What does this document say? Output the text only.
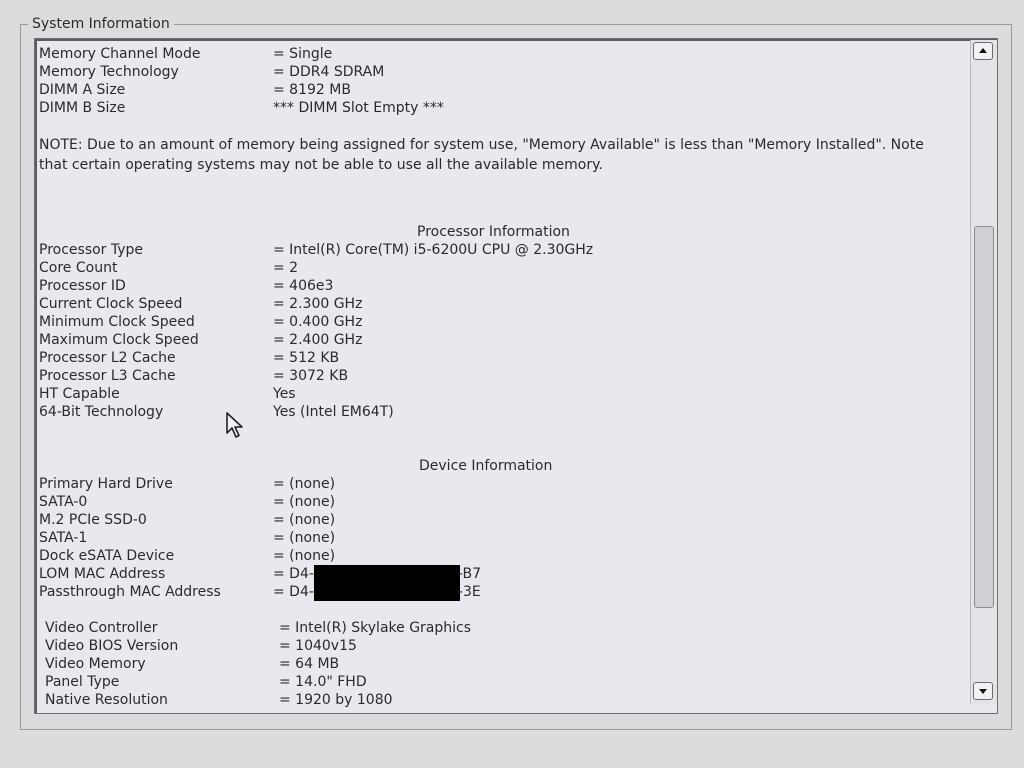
System Information
Memory Channel Mode	= Single
Memory Technology	= DDR4 SDRAM
DIMM A Size	= 8192 MB
DIMM B Size	*** DIMM Slot Empty ***
NOTE: Due to an amount of memory being assigned for system use, "Memory Available" is less than "Memory Installed". Note that certain operating systems may not be able to use all the available memory.
Processor Information
Processor Type	= Intel(R) Core(TM) i5-6200U CPU @ 2.30GHz
Core Count	= 2
Processor ID	= 406e3
Current Clock Speed	= 2.300 GHz
Minimum Clock Speed	= 0.400 GHz
Maximum Clock Speed	= 2.400 GHz
Processor L2 Cache	= 512 KB
Processor L3 Cache	= 3072 KB
HT Capable	Yes
64-Bit Technology	Yes (Intel EM64T)
Device Information
Primary Hard Drive	= (none)
SATA-0	= (none)
M.2 PCIe SSD-0	= (none)
SATA-1	= (none)
Dock eSATA Device	= (none)
LOM MAC Address	= D4-	-B7
Passthrough MAC Address	= D4-	-3E
Video Controller	= Intel(R) Skylake Graphics
Video BIOS Version	= 1040v15
Video Memory	= 64 MB
Panel Type	= 14.0" FHD
Native Resolution	= 1920 by 1080
